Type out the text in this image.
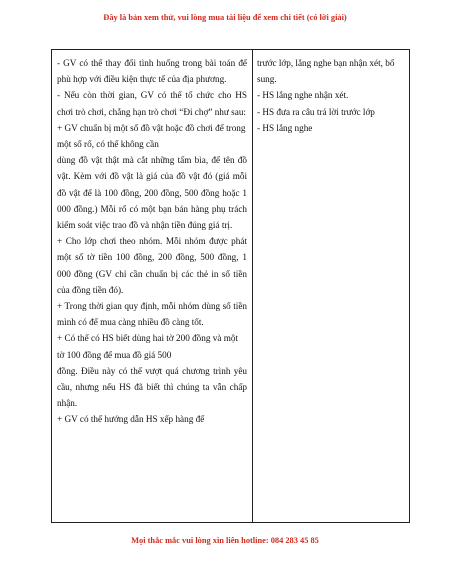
Đây là bản xem thử, vui lòng mua tài liệu để xem chi tiết (có lời giải)

- GV có thể thay đổi tình huống trong bài toán để phù hợp với điều kiện thực tế của địa phương.

- Nếu còn thời gian, GV có thể tổ chức cho HS chơi trò chơi, chẳng hạn trò chơi “Đi chợ” như sau:

+ GV chuẩn bị một số đồ vật hoặc đồ chơi để trong một số rổ, có thể không cần

dùng đồ vật thật mà cắt những tấm bìa, để tên đồ vật. Kèm với đồ vật là giá của đồ vật đó (giá mỗi đồ vật để là 100 đồng, 200 đồng, 500 đồng hoặc 1 000 đồng.) Mỗi rổ có một bạn bán hàng phụ trách kiểm soát việc trao đồ và nhận tiền đúng giá trị.

+ Cho lớp chơi theo nhóm. Mỗi nhóm được phát một số tờ tiền 100 đồng, 200 đồng, 500 đồng, 1 000 đồng (GV chỉ cần chuẩn bị các thẻ in số tiền của đồng tiền đó).

+ Trong thời gian quy định, mỗi nhóm dùng số tiền mình có để mua càng nhiều đồ càng tốt.

+ Có thể có HS biết dùng hai tờ 200 đồng và một tờ 100 đồng để mua đồ giá 500

đồng. Điều này có thể vượt quá chương trình yêu cầu, nhưng nếu HS đã biết thì chúng ta vẫn chấp nhận.

+ GV có thể hướng dẫn HS xếp hàng để

trước lớp, lắng nghe bạn nhận xét, bổ sung.

- HS lắng nghe nhận xét.

- HS đưa ra câu trả lời trước lớp

- HS lắng nghe

Mọi thắc mắc vui lòng xin liên hotline: 084 283 45 85
